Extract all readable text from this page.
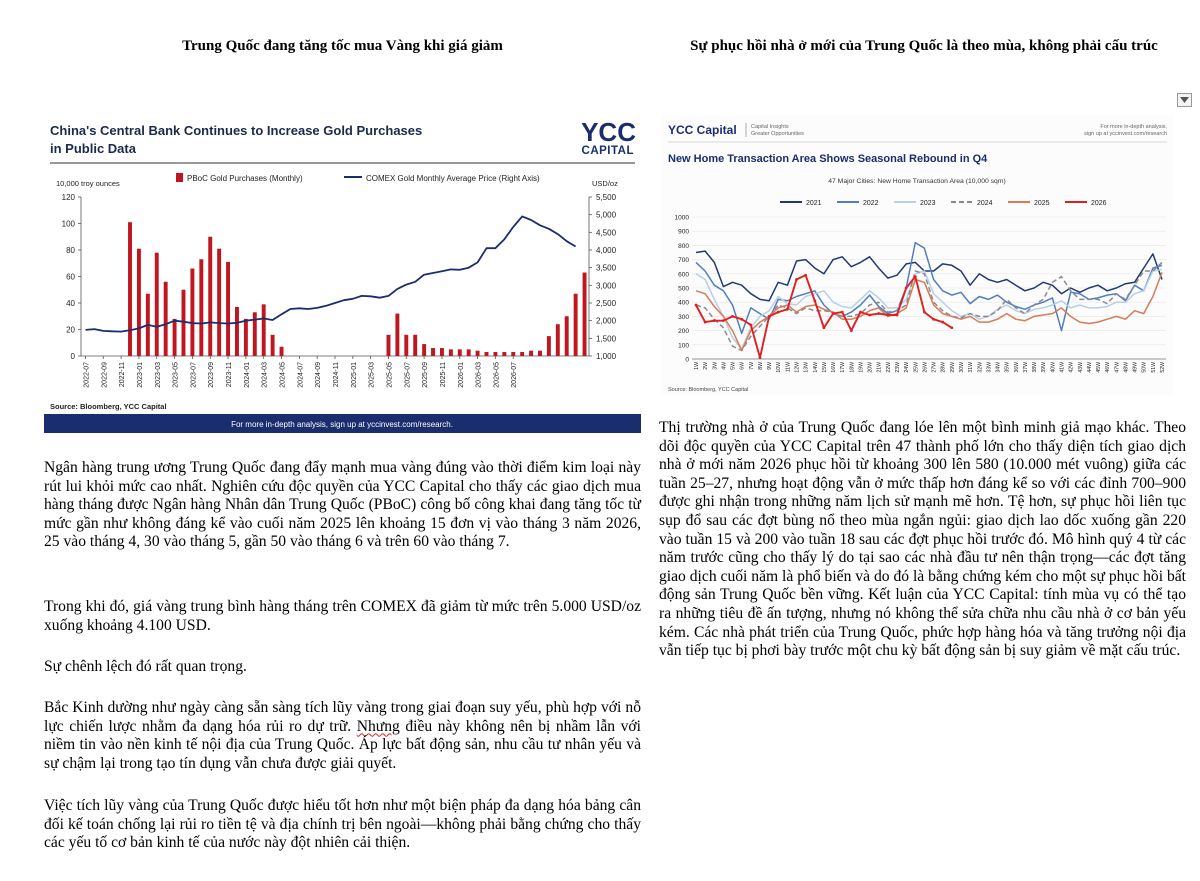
Trung Quốc đang tăng tốc mua Vàng khi giá giảm
China's Central Bank Continues to Increase Gold Purchases
in Public Data
YCC
CAPITAL
PBoC Gold Purchases (Monthly)	COMEX Gold Monthly Average Price (Right Axis)
10,000 troy ounces	USD/oz
0
20
40
60
80
100
120
1,000
1,500
2,000
2,500
3,000
3,500
4,000
4,500
5,000
5,500
2022-07 2022-09 2022-11 2023-01 2023-03 2023-05 2023-07 2023-09 2023-11 2024-01 2024-03 2024-05 2024-07 2024-09 2024-11 2025-01 2025-03 2025-05 2025-07 2025-09 2025-11 2026-01 2026-03 2026-05 2026-07
Source: Bloomberg, YCC Capital
For more in-depth analysis, sign up at yccinvest.com/research.
Ngân hàng trung ương Trung Quốc đang đẩy mạnh mua vàng đúng vào thời điểm kim loại này rút lui khỏi mức cao nhất. Nghiên cứu độc quyền của YCC Capital cho thấy các giao dịch mua hàng tháng được Ngân hàng Nhân dân Trung Quốc (PBoC) công bố công khai đang tăng tốc từ mức gần như không đáng kể vào cuối năm 2025 lên khoảng 15 đơn vị vào tháng 3 năm 2026, 25 vào tháng 4, 30 vào tháng 5, gần 50 vào tháng 6 và trên 60 vào tháng 7.
Trong khi đó, giá vàng trung bình hàng tháng trên COMEX đã giảm từ mức trên 5.000 USD/oz xuống khoảng 4.100 USD.
Sự chênh lệch đó rất quan trọng.
Bắc Kinh dường như ngày càng sẵn sàng tích lũy vàng trong giai đoạn suy yếu, phù hợp với nỗ lực chiến lược nhằm đa dạng hóa rủi ro dự trữ. Nhưng điều này không nên bị nhầm lẫn với niềm tin vào nền kinh tế nội địa của Trung Quốc. Áp lực bất động sản, nhu cầu tư nhân yếu và sự chậm lại trong tạo tín dụng vẫn chưa được giải quyết.
Việc tích lũy vàng của Trung Quốc được hiểu tốt hơn như một biện pháp đa dạng hóa bảng cân đối kế toán chống lại rủi ro tiền tệ và địa chính trị bên ngoài—không phải bằng chứng cho thấy các yếu tố cơ bản kinh tế của nước này đột nhiên cải thiện.
Sự phục hồi nhà ở mới của Trung Quốc là theo mùa, không phải cấu trúc
YCC Capital	Capital Insights
Greater Opportunities
For more in-depth analysis,
sign up at yccinvest.com/research
New Home Transaction Area Shows Seasonal Rebound in Q4
47 Major Cities: New Home Transaction Area (10,000 sqm)
2021	2022	2023	2024	2025	2026
0
100
200
300
400
500
600
700
800
900
1000
1W 2W 3W 4W 5W 6W 7W 8W 9W 10W 11W 12W 13W 14W 15W 16W 17W 18W 19W 20W 21W 22W 23W 24W 25W 26W 27W 28W 29W 30W 31W 32W 33W 34W 35W 36W 37W 38W 39W 40W 41W 42W 43W 44W 45W 46W 47W 48W 49W 50W 51W 52W
Source: Bloomberg, YCC Capital
Thị trường nhà ở của Trung Quốc đang lóe lên một bình minh giả mạo khác. Theo dõi độc quyền của YCC Capital trên 47 thành phố lớn cho thấy diện tích giao dịch nhà ở mới năm 2026 phục hồi từ khoảng 300 lên 580 (10.000 mét vuông) giữa các tuần 25–27, nhưng hoạt động vẫn ở mức thấp hơn đáng kể so với các đỉnh 700–900 được ghi nhận trong những năm lịch sử mạnh mẽ hơn. Tệ hơn, sự phục hồi liên tục sụp đổ sau các đợt bùng nổ theo mùa ngắn ngủi: giao dịch lao dốc xuống gần 220 vào tuần 15 và 200 vào tuần 18 sau các đợt phục hồi trước đó. Mô hình quý 4 từ các năm trước cũng cho thấy lý do tại sao các nhà đầu tư nên thận trọng—các đợt tăng giao dịch cuối năm là phổ biến và do đó là bằng chứng kém cho một sự phục hồi bất động sản Trung Quốc bền vững. Kết luận của YCC Capital: tính mùa vụ có thể tạo ra những tiêu đề ấn tượng, nhưng nó không thể sửa chữa nhu cầu nhà ở cơ bản yếu kém. Các nhà phát triển của Trung Quốc, phức hợp hàng hóa và tăng trưởng nội địa vẫn tiếp tục bị phơi bày trước một chu kỳ bất động sản bị suy giảm về mặt cấu trúc.
